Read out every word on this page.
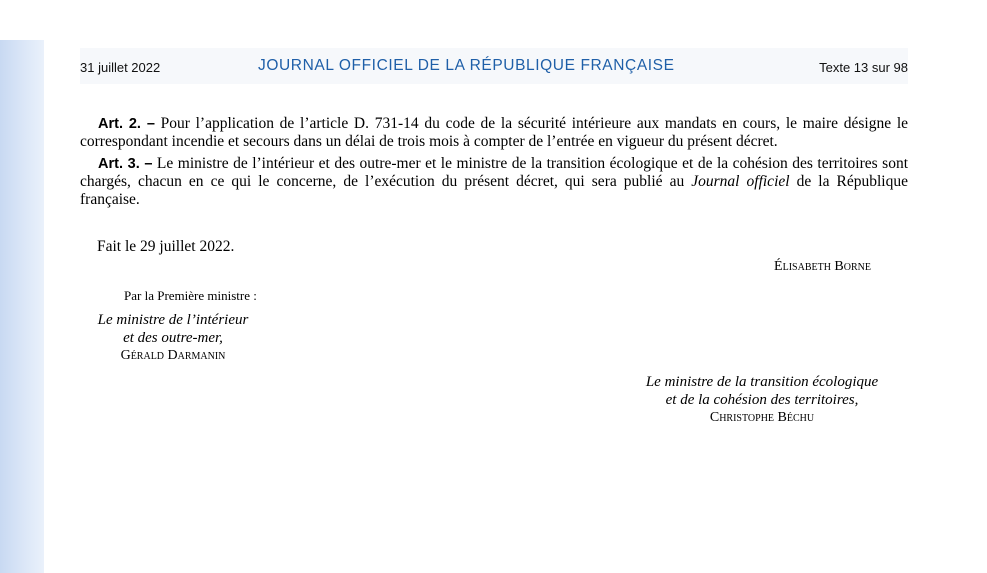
31 juillet 2022	JOURNAL OFFICIEL DE LA RÉPUBLIQUE FRANÇAISE	Texte 13 sur 98

Art. 2. – Pour l’application de l’article D. 731-14 du code de la sécurité intérieure aux mandats en cours, le maire désigne le correspondant incendie et secours dans un délai de trois mois à compter de l’entrée en vigueur du présent décret.

Art. 3. – Le ministre de l’intérieur et des outre-mer et le ministre de la transition écologique et de la cohésion des territoires sont chargés, chacun en ce qui le concerne, de l’exécution du présent décret, qui sera publié au Journal officiel de la République française.

Fait le 29 juillet 2022.
Élisabeth Borne
Par la Première ministre :
Le ministre de l’intérieur
et des outre-mer,
Gérald Darmanin
Le ministre de la transition écologique
et de la cohésion des territoires,
Christophe Béchu
